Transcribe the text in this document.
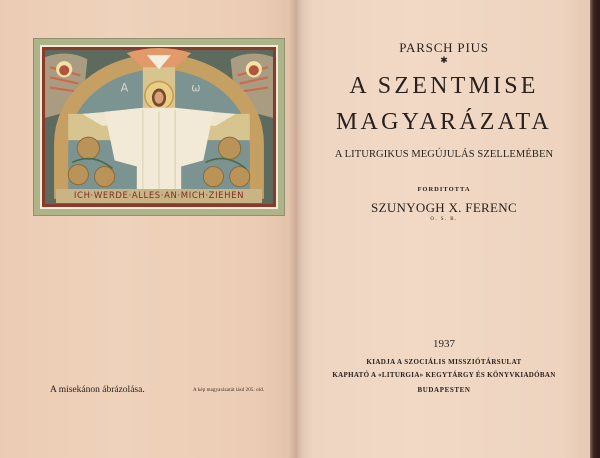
A	ω
ICH·WERDE·ALLES·AN·MICH·ZIEHEN
A misekánon ábrázolása.	A kép magyarázatát lásd 205. old.
PARSCH PIUS
✱
A SZENTMISE
MAGYARÁZATA
A LITURGIKUS MEGÚJULÁS SZELLEMÉBEN
FORDITOTTA
SZUNYOGH X. FERENC
O. S. B.
1937
KIADJA A SZOCIÁLIS MISSZIÓTÁRSULAT
KAPHATÓ A «LITURGIA» KEGYTÁRGY ÉS KÖNYVKIADÓBAN
BUDAPESTEN
